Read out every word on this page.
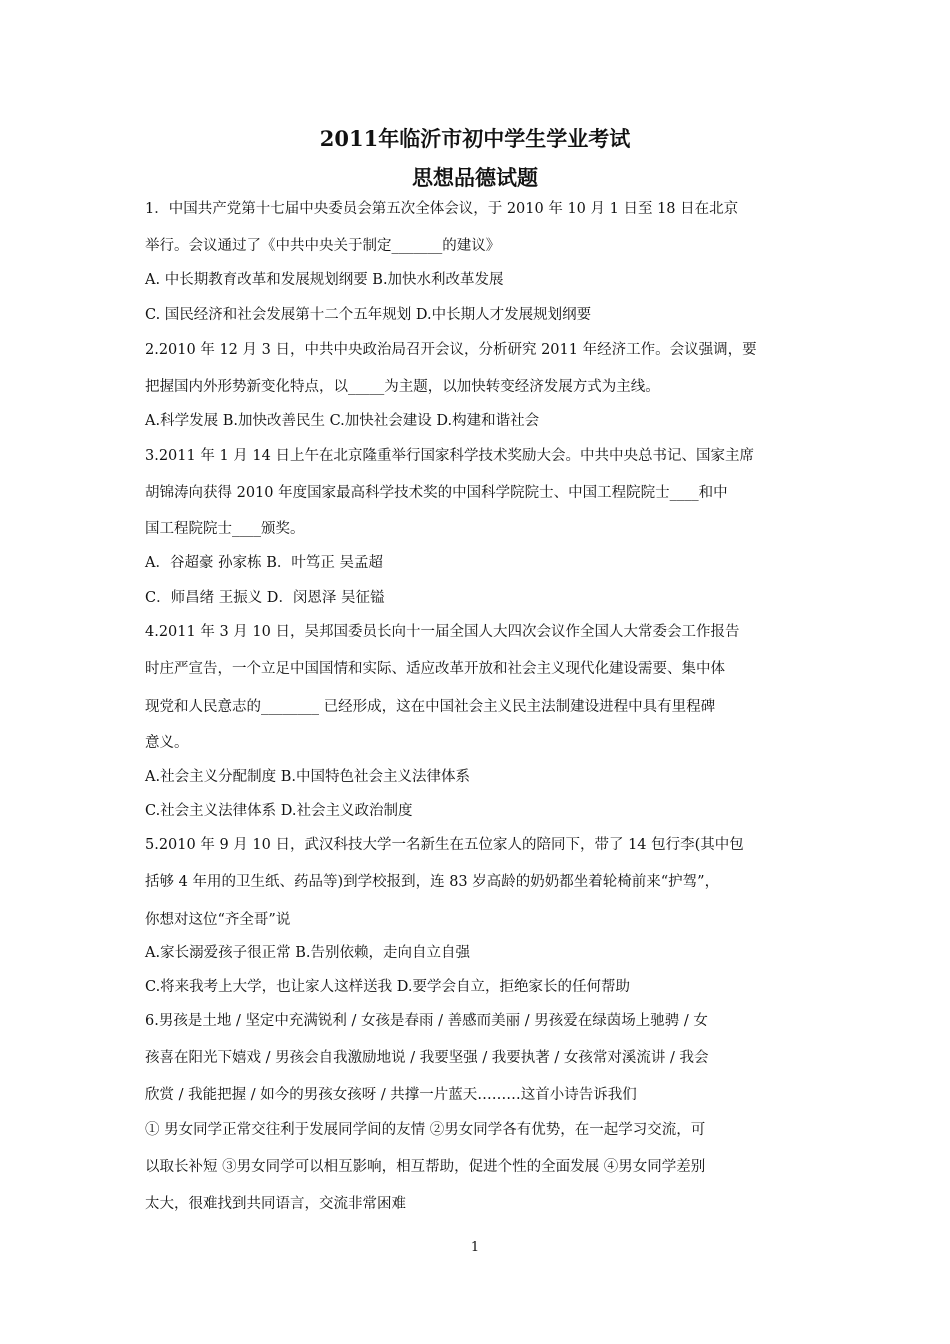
2011年临沂市初中学生学业考试
思想品德试题
1．中国共产党第十七届中央委员会第五次全体会议，于 2010 年 10 月 1 日至 18 日在北京
举行。会议通过了《中共中央关于制定_______的建议》
A. 中长期教育改革和发展规划纲要 B.加快水利改革发展
C. 国民经济和社会发展第十二个五年规划 D.中长期人才发展规划纲要
2.2010 年 12 月 3 日，中共中央政治局召开会议，分析研究 2011 年经济工作。会议强调，要
把握国内外形势新变化特点，以_____为主题，以加快转变经济发展方式为主线。
A.科学发展 B.加快改善民生 C.加快社会建设 D.构建和谐社会
3.2011 年 1 月 14 日上午在北京隆重举行国家科学技术奖励大会。中共中央总书记、国家主席
胡锦涛向获得 2010 年度国家最高科学技术奖的中国科学院院士、中国工程院院士____和中
国工程院院士____颁奖。
A．谷超豪 孙家栋 B．叶笃正 吴孟超
C．师昌绪 王振义 D．闵恩泽 吴征镒
4.2011 年 3 月 10 日，吴邦国委员长向十一届全国人大四次会议作全国人大常委会工作报告
时庄严宣告，一个立足中国国情和实际、适应改革开放和社会主义现代化建设需要、集中体
现党和人民意志的________ 已经形成，这在中国社会主义民主法制建设进程中具有里程碑
意义。
A.社会主义分配制度 B.中国特色社会主义法律体系
C.社会主义法律体系 D.社会主义政治制度
5.2010 年 9 月 10 日，武汉科技大学一名新生在五位家人的陪同下，带了 14 包行李(其中包
括够 4 年用的卫生纸、药品等)到学校报到，连 83 岁高龄的奶奶都坐着轮椅前来“护驾”，
你想对这位“齐全哥”说
A.家长溺爱孩子很正常 B.告别依赖，走向自立自强
C.将来我考上大学，也让家人这样送我 D.要学会自立，拒绝家长的任何帮助
6.男孩是土地 / 坚定中充满锐利 / 女孩是春雨 / 善感而美丽 / 男孩爱在绿茵场上驰骋 / 女
孩喜在阳光下嬉戏 / 男孩会自我激励地说 / 我要坚强 / 我要执著 / 女孩常对溪流讲 / 我会
欣赏 / 我能把握 / 如今的男孩女孩呀 / 共撑一片蓝天………这首小诗告诉我们
① 男女同学正常交往利于发展同学间的友情 ②男女同学各有优势，在一起学习交流，可
以取长补短 ③男女同学可以相互影响，相互帮助，促进个性的全面发展 ④男女同学差别
太大，很难找到共同语言，交流非常困难
1
